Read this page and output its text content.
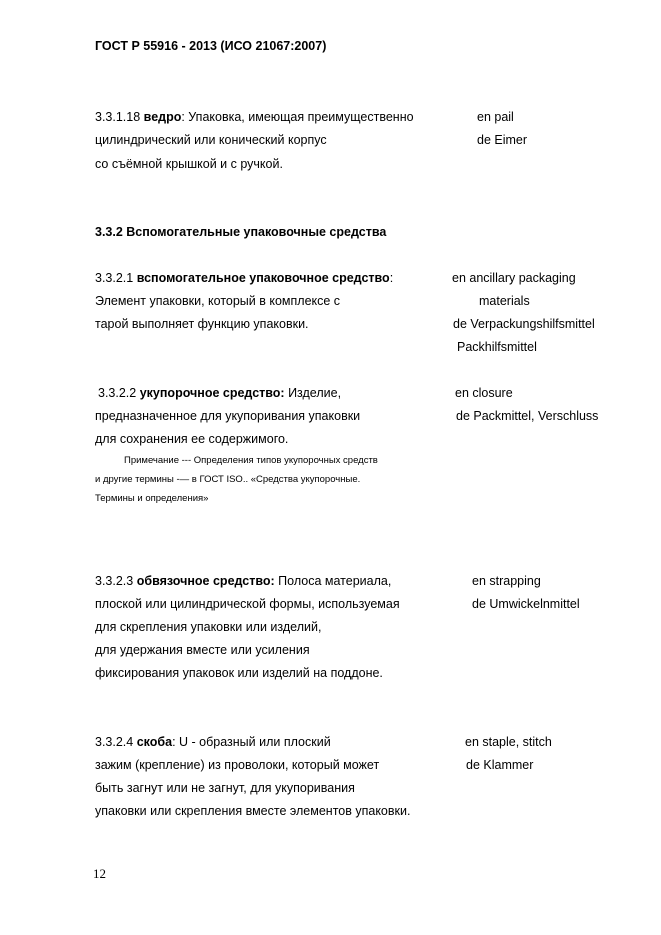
ГОСТ Р 55916 - 2013 (ИСО 21067:2007)
3.3.1.18 ведро: Упаковка, имеющая преимущественно
цилиндрический или конический корпус
со съёмной крышкой и с ручкой.
en pail
de Eimer
3.3.2 Вспомогательные упаковочные средства
3.3.2.1 вспомогательное упаковочное средство:
Элемент упаковки, который в комплексе с
тарой выполняет функцию упаковки.
en ancillary packaging
materials
de Verpackungshilfsmittel
Packhilfsmittel
3.3.2.2 укупорочное средство: Изделие,
предназначенное для укупоривания упаковки
для сохранения ее содержимого.
Примечание --- Определения типов укупорочных средств
и другие термины -— в ГОСТ ISO.. «Средства укупорочные.
Термины и определения»
en closure
de Packmittel, Verschluss
3.3.2.3 обвязочное средство: Полоса материала,
плоской или цилиндрической формы, используемая
для скрепления упаковки или изделий,
для удержания вместе или усиления
фиксирования упаковок или изделий на поддоне.
en strapping
de Umwickelnmittel
3.3.2.4 скоба: U - образный или плоский
зажим (крепление) из проволоки, который может
быть загнут или не загнут, для укупоривания
упаковки или скрепления вместе элементов упаковки.
en staple, stitch
de Klammer
12
